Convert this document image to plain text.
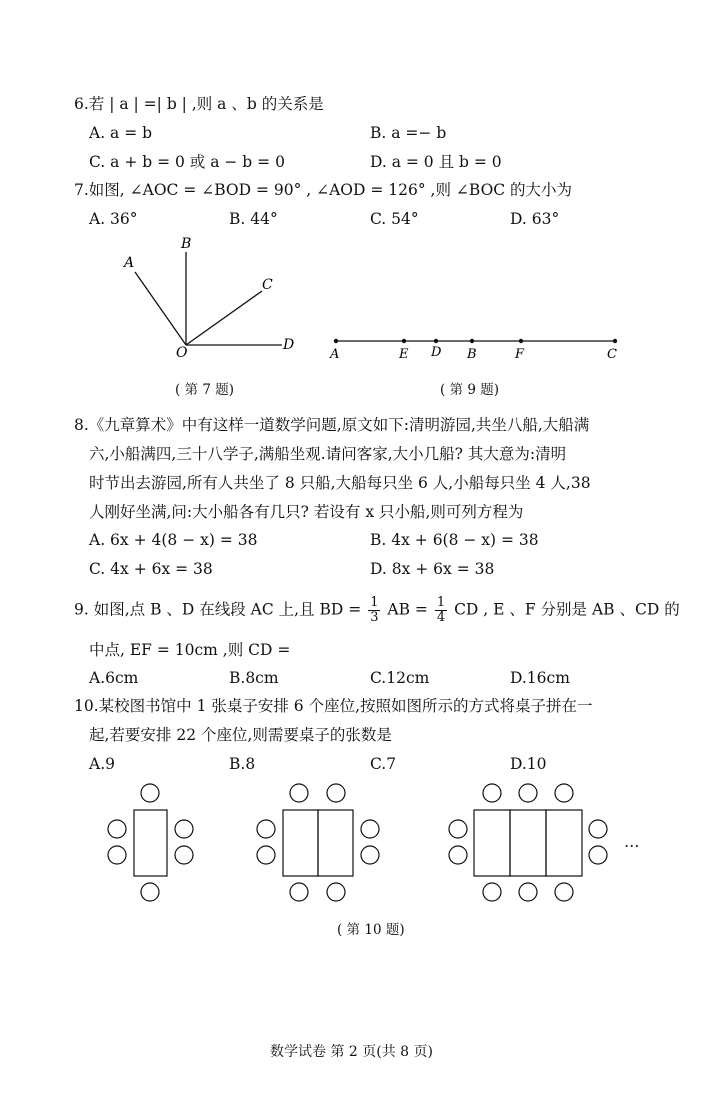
6.若 | a | =| b | ,则 a 、b 的关系是
A. a = b	B. a =− b
C. a + b = 0 或 a − b = 0	D. a = 0 且 b = 0
7.如图, ∠AOC = ∠BOD = 90° , ∠AOD = 126° ,则 ∠BOC 的大小为
A. 36°	B. 44°	C. 54°	D. 63°
A
B
C
D
O	A	E D B	F	C
( 第 7 题)	( 第 9 题)
8.《九章算术》中有这样一道数学问题,原文如下:清明游园,共坐八船,大船满
六,小船满四,三十八学子,满船坐观.请问客家,大小几船? 其大意为:清明
时节出去游园,所有人共坐了 8 只船,大船每只坐 6 人,小船每只坐 4 人,38
人刚好坐满,问:大小船各有几只? 若设有 x 只小船,则可列方程为
A. 6x + 4(8 − x) = 38	B. 4x + 6(8 − x) = 38
C. 4x + 6x = 38	D. 8x + 6x = 38
9. 如图,点 B 、D 在线段 AC 上,且 BD = $\frac{1}{3}$ AB = $\frac{1}{4}$ CD , E 、F 分别是 AB 、CD 的
中点, EF = 10cm ,则 CD =
A.6cm	B.8cm	C.12cm	D.16cm
10.某校图书馆中 1 张桌子安排 6 个座位,按照如图所示的方式将桌子拼在一
起,若要安排 22 个座位,则需要桌子的张数是
A.9	B.8	C.7	D.10
…
( 第 10 题)
数学试卷 第 2 页(共 8 页)
